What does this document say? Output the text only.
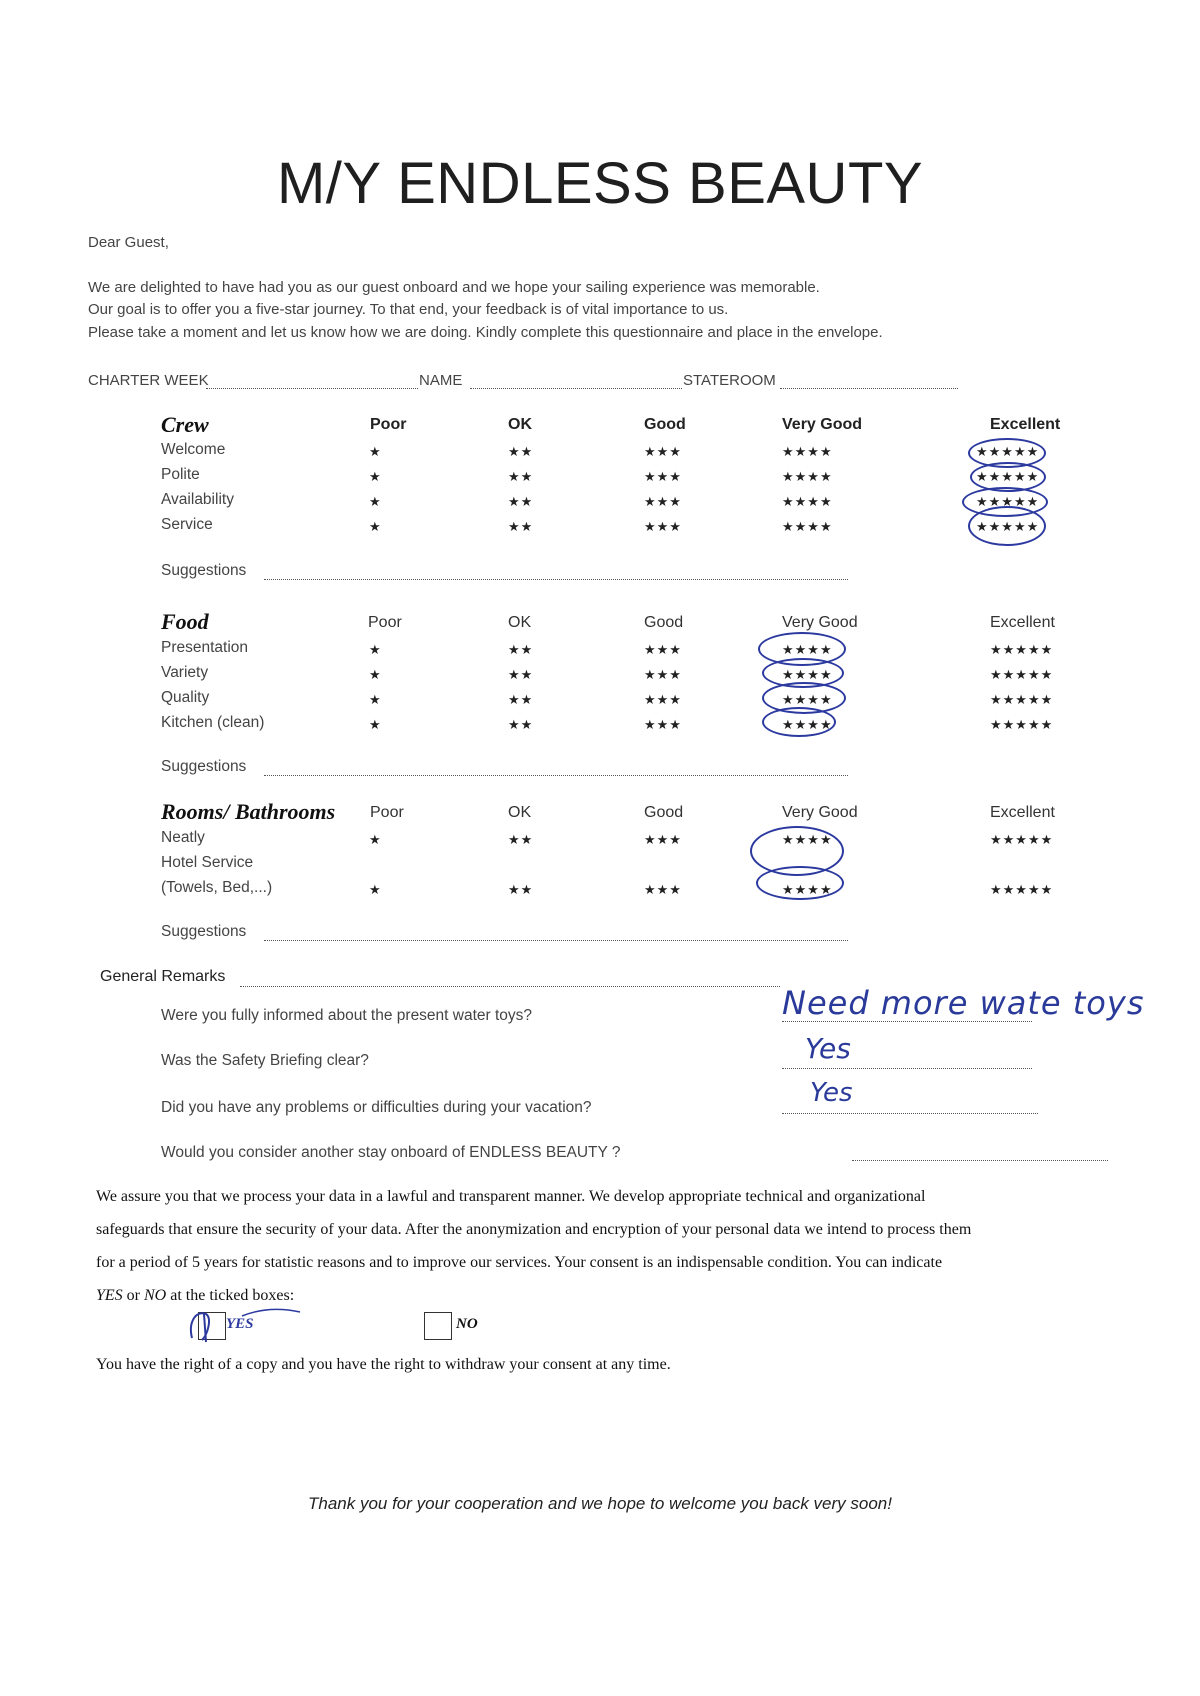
M/Y ENDLESS BEAUTY
Dear Guest,
We are delighted to have had you as our guest onboard and we hope your sailing experience was memorable.
Our goal is to offer you a five-star journey. To that end, your feedback is of vital importance to us.
Please take a moment and let us know how we are doing. Kindly complete this questionnaire and place in the envelope.
CHARTER WEEK	NAME	STATEROOM
Crew	Poor	OK	Good	Very Good	Excellent
Welcome	★	★★	★★★	★★★★	★★★★★
Polite	★	★★	★★★	★★★★	★★★★★
Availability	★	★★	★★★	★★★★	★★★★★
Service	★	★★	★★★	★★★★	★★★★★
Suggestions
Food	Poor	OK	Good	Very Good	Excellent
Presentation	★	★★	★★★	★★★★	★★★★★
Variety	★	★★	★★★	★★★★	★★★★★
Quality	★	★★	★★★	★★★★	★★★★★
Kitchen (clean)	★	★★	★★★	★★★★	★★★★★
Suggestions
Rooms/ Bathrooms Poor	OK	Good	Very Good	Excellent
Neatly	★	★★	★★★	★★★★	★★★★★
Hotel Service
(Towels, Bed,...)	★	★★	★★★	★★★★	★★★★★
Suggestions
General Remarks
Were you fully informed about the present water toys?	Need more wate toys
Was the Safety Briefing clear?	Yes
Did you have any problems or difficulties during your vacation?	Yes
Would you consider another stay onboard of ENDLESS BEAUTY ?
We assure you that we process your data in a lawful and transparent manner. We develop appropriate technical and organizational
safeguards that ensure the security of your data. After the anonymization and encryption of your personal data we intend to process them
for a period of 5 years for statistic reasons and to improve our services. Your consent is an indispensable condition. You can indicate
YES or NO at the ticked boxes:
YES	NO
You have the right of a copy and you have the right to withdraw your consent at any time.
Thank you for your cooperation and we hope to welcome you back very soon!
